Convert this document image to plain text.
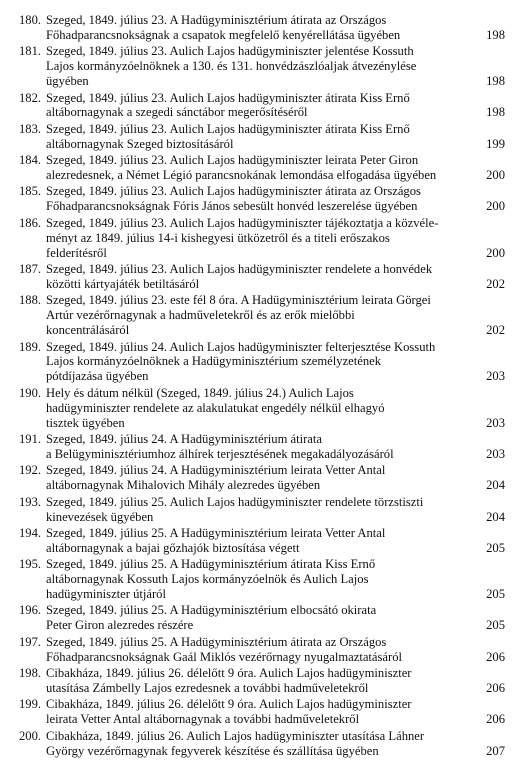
180. Szeged, 1849. július 23. A Hadügyminisztérium átirata az Országos
Főhadparancsnokságnak a csapatok megfelelő kenyérellátása ügyében	198
181. Szeged, 1849. július 23. Aulich Lajos hadügyminiszter jelentése Kossuth
Lajos kormányzóelnöknek a 130. és 131. honvédzászlóaljak átvezénylése
ügyében	198
182. Szeged, 1849. július 23. Aulich Lajos hadügyminiszter átirata Kiss Ernő
altábornagynak a szegedi sánctábor megerősítéséről	198
183. Szeged, 1849. július 23. Aulich Lajos hadügyminiszter átirata Kiss Ernő
altábornagynak Szeged biztosításáról	199
184. Szeged, 1849. július 23. Aulich Lajos hadügyminiszter leirata Peter Giron
alezredesnek, a Német Légió parancsnokának lemondása elfogadása ügyében	200
185. Szeged, 1849. július 23. Aulich Lajos hadügyminiszter átirata az Országos
Főhadparancsnokságnak Fóris János sebesült honvéd leszerelése ügyében	200
186. Szeged, 1849. július 23. Aulich Lajos hadügyminiszter tájékoztatja a közvéle-
ményt az 1849. július 14-i kishegyesi ütközetről és a titeli erőszakos
felderítésről	200
187. Szeged, 1849. július 23. Aulich Lajos hadügyminiszter rendelete a honvédek
közötti kártyajáték betiltásáról	202
188. Szeged, 1849. július 23. este fél 8 óra. A Hadügyminisztérium leirata Görgei
Artúr vezérőrnagynak a hadműveletekről és az erők mielőbbi
koncentrálásáról	202
189. Szeged, 1849. július 24. Aulich Lajos hadügyminiszter felterjesztése Kossuth
Lajos kormányzóelnöknek a Hadügyminisztérium személyzetének
pótdíjazása ügyében	203
190. Hely és dátum nélkül (Szeged, 1849. július 24.) Aulich Lajos
hadügyminiszter rendelete az alakulatukat engedély nélkül elhagyó
tisztek ügyében	203
191. Szeged, 1849. július 24. A Hadügyminisztérium átirata
a Belügyminisztériumhoz álhírek terjesztésének megakadályozásáról	203
192. Szeged, 1849. július 24. A Hadügyminisztérium leirata Vetter Antal
altábornagynak Mihalovich Mihály alezredes ügyében	204
193. Szeged, 1849. július 25. Aulich Lajos hadügyminiszter rendelete törzstiszti
kinevezések ügyében	204
194. Szeged, 1849. július 25. A Hadügyminisztérium leirata Vetter Antal
altábornagynak a bajai gőzhajók biztosítása végett	205
195. Szeged, 1849. július 25. A Hadügyminisztérium átirata Kiss Ernő
altábornagynak Kossuth Lajos kormányzóelnök és Aulich Lajos
hadügyminiszter útjáról	205
196. Szeged, 1849. július 25. A Hadügyminisztérium elbocsátó okirata
Peter Giron alezredes részére	205
197. Szeged, 1849. július 25. A Hadügyminisztérium átirata az Országos
Főhadparancsnokságnak Gaál Miklós vezérőrnagy nyugalmaztatásáról	206
198. Cibakháza, 1849. július 26. délelőtt 9 óra. Aulich Lajos hadügyminiszter
utasítása Zámbelly Lajos ezredesnek a további hadműveletekről	206
199. Cibakháza, 1849. július 26. délelőtt 9 óra. Aulich Lajos hadügyminiszter
leirata Vetter Antal altábornagynak a további hadműveletekről	206
200. Cibakháza, 1849. július 26. Aulich Lajos hadügyminiszter utasítása Láhner
György vezérőrnagynak fegyverek készítése és szállítása ügyében	207
